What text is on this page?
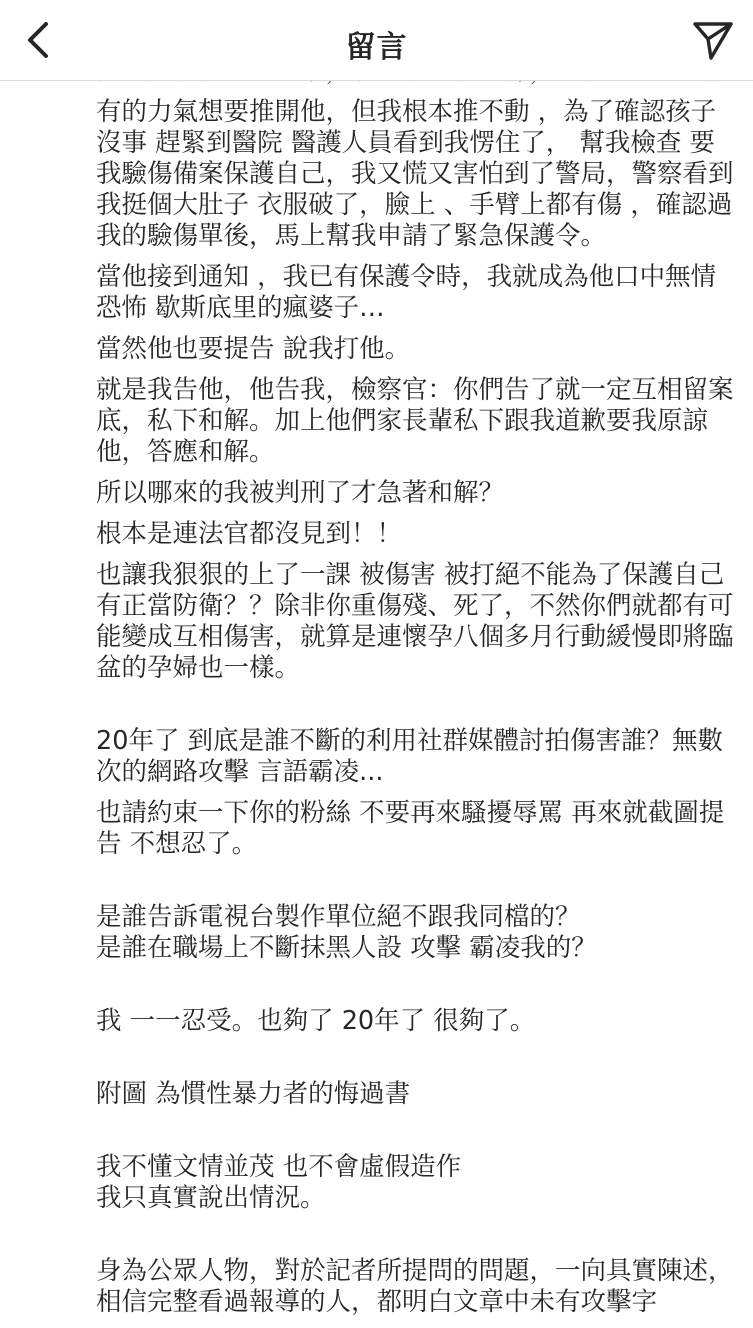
留言

有的力氣想要推開他，但我根本推不動 ，為了確認孩子沒事 趕緊到醫院 醫護人員看到我愣住了， 幫我檢查 要我驗傷備案保護自己，我又慌又害怕到了警局，警察看到我挺個大肚子 衣服破了，臉上 、手臂上都有傷 ，確認過我的驗傷單後，馬上幫我申請了緊急保護令。

當他接到通知 ，我已有保護令時，我就成為他口中無情 恐怖 歇斯底里的瘋婆子…

當然他也要提告 說我打他。

就是我告他，他告我，檢察官：你們告了就一定互相留案底，私下和解。加上他們家長輩私下跟我道歉要我原諒他，答應和解。

所以哪來的我被判刑了才急著和解？

根本是連法官都沒見到！！

也讓我狠狠的上了一課 被傷害 被打絕不能為了保護自己有正當防衛？？除非你重傷殘、死了，不然你們就都有可能變成互相傷害，就算是連懷孕八個多月行動緩慢即將臨盆的孕婦也一樣。

20年了 到底是誰不斷的利用社群媒體討拍傷害誰？無數次的網路攻擊 言語霸凌...

也請約束一下你的粉絲 不要再來騷擾辱罵 再來就截圖提告 不想忍了。

是誰告訴電視台製作單位絕不跟我同檔的？
是誰在職場上不斷抹黑人設 攻擊 霸凌我的？

我 一一忍受。也夠了 20年了 很夠了。

附圖 為慣性暴力者的悔過書

我不懂文情並茂 也不會虛假造作
我只真實說出情況。

身為公眾人物，對於記者所提問的問題，一向具實陳述，相信完整看過報導的人，都明白文章中未有攻擊字
